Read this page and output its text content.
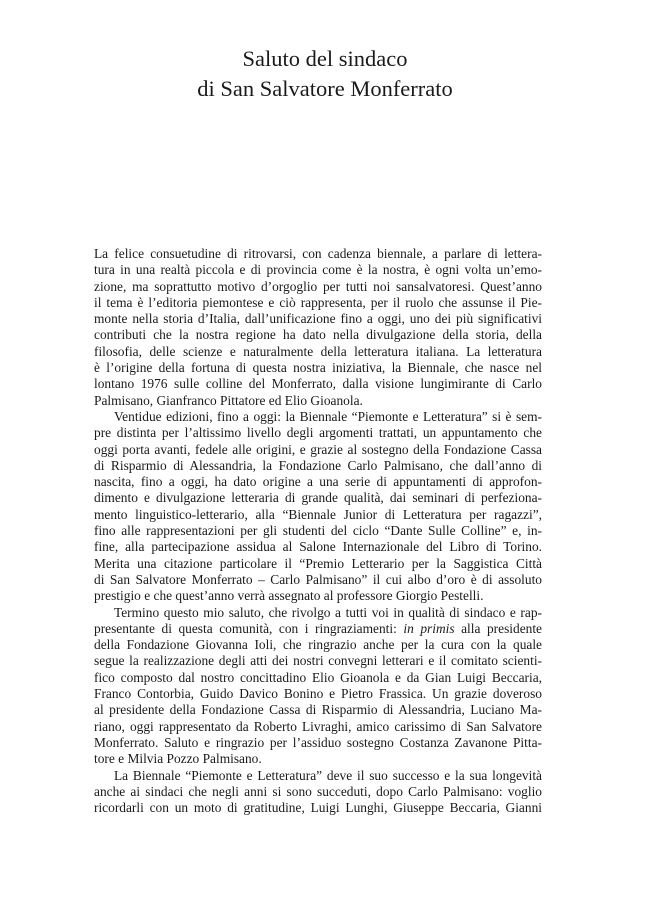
Saluto del sindaco
di San Salvatore Monferrato
La felice consuetudine di ritrovarsi, con cadenza biennale, a parlare di lettera-
tura in una realtà piccola e di provincia come è la nostra, è ogni volta un’emo-
zione, ma soprattutto motivo d’orgoglio per tutti noi sansalvatoresi. Quest’anno
il tema è l’editoria piemontese e ciò rappresenta, per il ruolo che assunse il Pie-
monte nella storia d’Italia, dall’unificazione fino a oggi, uno dei più significativi
contributi che la nostra regione ha dato nella divulgazione della storia, della
filosofia, delle scienze e naturalmente della letteratura italiana. La letteratura
è l’origine della fortuna di questa nostra iniziativa, la Biennale, che nasce nel
lontano 1976 sulle colline del Monferrato, dalla visione lungimirante di Carlo
Palmisano, Gianfranco Pittatore ed Elio Gioanola.
Ventidue edizioni, fino a oggi: la Biennale “Piemonte e Letteratura” si è sem-
pre distinta per l’altissimo livello degli argomenti trattati, un appuntamento che
oggi porta avanti, fedele alle origini, e grazie al sostegno della Fondazione Cassa
di Risparmio di Alessandria, la Fondazione Carlo Palmisano, che dall’anno di
nascita, fino a oggi, ha dato origine a una serie di appuntamenti di approfon-
dimento e divulgazione letteraria di grande qualità, dai seminari di perfeziona-
mento linguistico-letterario, alla “Biennale Junior di Letteratura per ragazzi”,
fino alle rappresentazioni per gli studenti del ciclo “Dante Sulle Colline” e, in-
fine, alla partecipazione assidua al Salone Internazionale del Libro di Torino.
Merita una citazione particolare il “Premio Letterario per la Saggistica Città
di San Salvatore Monferrato – Carlo Palmisano” il cui albo d’oro è di assoluto
prestigio e che quest’anno verrà assegnato al professore Giorgio Pestelli.
Termino questo mio saluto, che rivolgo a tutti voi in qualità di sindaco e rap-
presentante di questa comunità, con i ringraziamenti: in primis alla presidente
della Fondazione Giovanna Ioli, che ringrazio anche per la cura con la quale
segue la realizzazione degli atti dei nostri convegni letterari e il comitato scienti-
fico composto dal nostro concittadino Elio Gioanola e da Gian Luigi Beccaria,
Franco Contorbia, Guido Davico Bonino e Pietro Frassica. Un grazie doveroso
al presidente della Fondazione Cassa di Risparmio di Alessandria, Luciano Ma-
riano, oggi rappresentato da Roberto Livraghi, amico carissimo di San Salvatore
Monferrato. Saluto e ringrazio per l’assiduo sostegno Costanza Zavanone Pitta-
tore e Milvia Pozzo Palmisano.
La Biennale “Piemonte e Letteratura” deve il suo successo e la sua longevità
anche ai sindaci che negli anni si sono succeduti, dopo Carlo Palmisano: voglio
ricordarli con un moto di gratitudine, Luigi Lunghi, Giuseppe Beccaria, Gianni
